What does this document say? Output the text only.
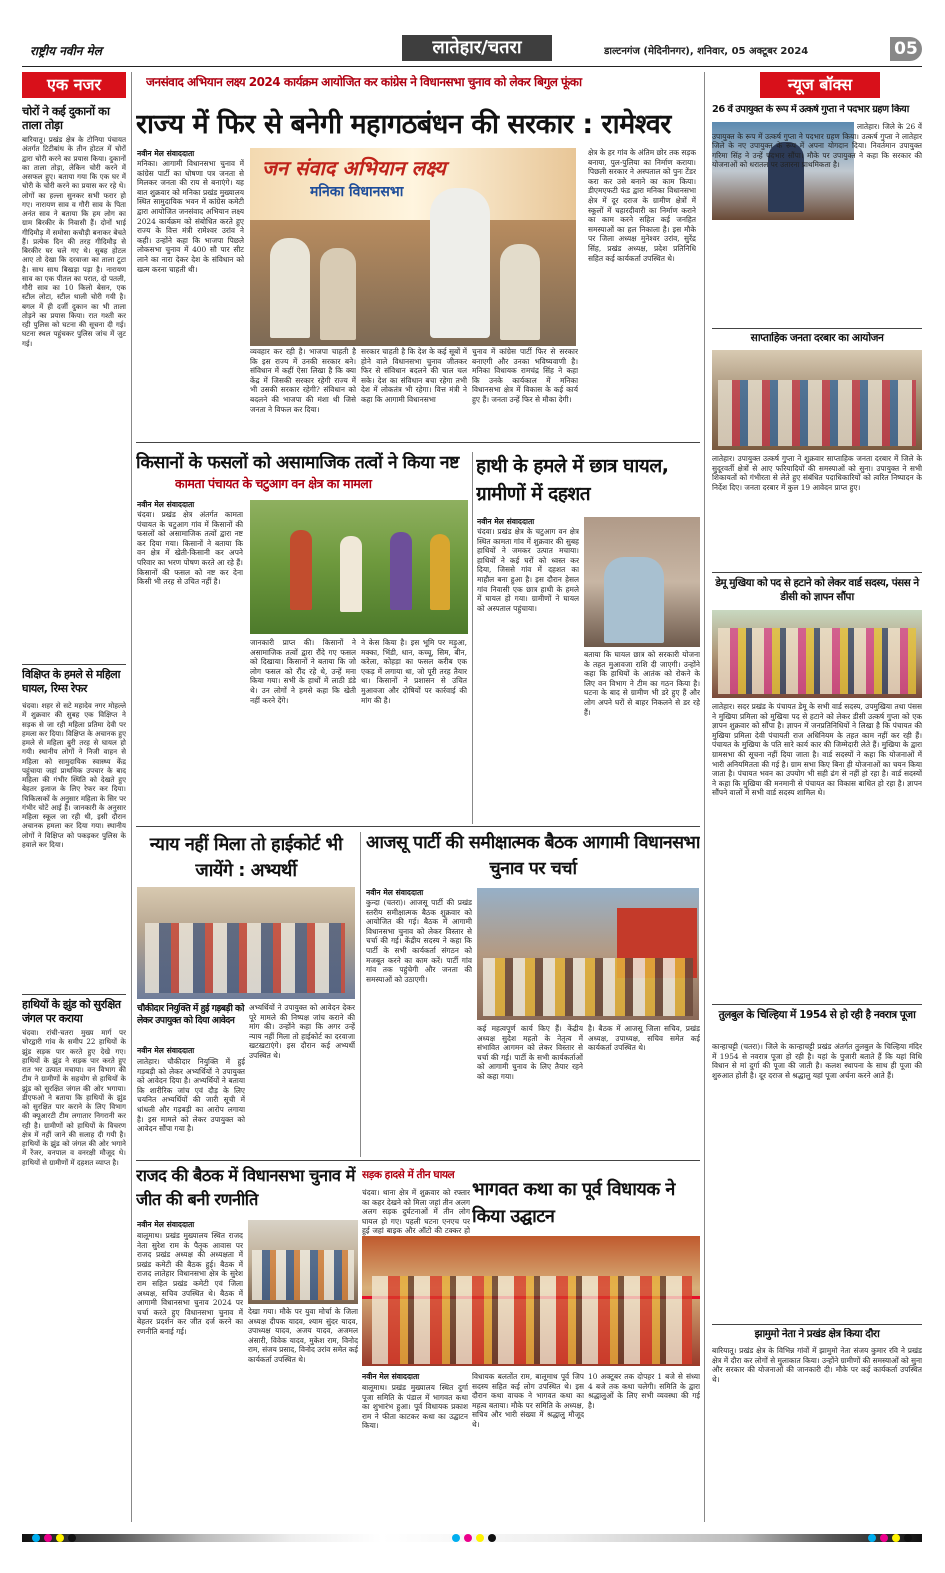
राष्ट्रीय नवीन मेल	लातेहार/चतरा	डाल्टनगंज (मेदिनीनगर), शनिवार, 05 अक्टूबर 2024	05
एक नजर
चोरों ने कई दुकानों का ताला तोड़ा
बारियातू। प्रखंड क्षेत्र के टोनिया पंचायत अंतर्गत टिटीबांध के तीन होटल में चोरों द्वारा चोरी करने का प्रयास किया। दुकानों का ताला तोड़ा, लेकिन चोरी करने में असफल हुए। बताया गया कि एक घर में चोरी के चोरी करने का प्रयास कर रहे थे। लोगों का हल्ला सुनकर सभी फरार हो गए। नारायण साव व गौरी साव के पिता अनंत साव ने बताया कि हम लोग का ग्राम बिरकीर के निवासी हैं। दोनों भाई गीदिमौड़ में समोसा कचौड़ी बनाकर बेचते हैं। प्रत्येक दिन की तरह गीदिमौड़ से बिरकीर घर चले गए थे। सुबह होटल आए तो देखा कि दरवाजा का ताला टूटा है। साथ साथ बिखड़ा पड़ा है। नारायण साव का एक पीतल का परात, दो पतली, गौरी साव का 10 किलो बेसन, एक स्टील लोटा, स्टील थाली चोरी गयी है। बगल में ही दर्जी दुकान का भी ताला तोड़ने का प्रयास किया। रात गश्ती कर रही पुलिस को घटना की सूचना दी गई। घटना स्थल पहुंचकर पुलिस जांच में जुट गई।
विक्षिप्त के हमले से महिला घायल, रिम्स रेफर
चंदवा। शहर से सटे महादेव नगर मोहल्ले में शुक्रवार की सुबह एक विक्षिप्त ने सड़क से जा रही महिला प्रतिमा देवी पर हमला कर दिया। विक्षिप्त के अचानक हुए हमले से महिला बुरी तरह से घायल हो गयी। स्थानीय लोगों ने निजी वाहन से महिला को सामुदायिक स्वास्थ्य केंद्र पहुंचाया जहां प्राथमिक उपचार के बाद महिला की गंभीर स्थिति को देखते हुए बेहतर इलाज के लिए रेफर कर दिया। चिकित्सकों के अनुसार महिला के सिर पर गंभीर चोटें आई हैं। जानकारी के अनुसार महिला स्कूल जा रही थी, इसी दौरान अचानक हमला कर दिया गया। स्थानीय लोगों ने विक्षिप्त को पकड़कर पुलिस के हवाले कर दिया।
हाथियों के झुंड को सुरक्षित जंगल पर कराया
चंदवा। रांची-चतरा मुख्य मार्ग पर चोरद्वारी गांव के समीप 22 हाथियों के झुंड सड़क पार करते हुए देखे गए। हाथियों के झुंड ने सड़क पार करते हुए रात भर उत्पात मचाया। वन विभाग की टीम ने ग्रामीणों के सहयोग से हाथियों के झुंड को सुरक्षित जंगल की ओर भगाया। डीएफओ ने बताया कि हाथियों के झुंड को सुरक्षित पार कराने के लिए विभाग की क्यूआरटी टीम लगातार निगरानी कर रही है। ग्रामीणों को हाथियों के विचरण क्षेत्र में नहीं जाने की सलाह दी गयी है। हाथियों के झुंड को जंगल की ओर भगाने में रेंजर, वनपाल व वनरक्षी मौजूद थे। हाथियों से ग्रामीणों में दहशत व्याप्त है।
जनसंवाद अभियान लक्ष्य 2024 कार्यक्रम आयोजित कर कांग्रेस ने विधानसभा चुनाव को लेकर बिगुल फूंका
राज्य में फिर से बनेगी महागठबंधन की सरकार : रामेश्वर
नवीन मेल संवाददाता
मनिका। आगामी विधानसभा चुनाव में कांग्रेस पार्टी का घोषणा पत्र जनता से मिलकर जनता की राय से बनाएंगे। यह बात शुक्रवार को मनिका प्रखंड मुख्यालय स्थित सामुदायिक भवन में कांग्रेस कमेटी द्वारा आयोजित जनसंवाद अभियान लक्ष्य 2024 कार्यक्रम को संबोधित करते हुए राज्य के वित्त मंत्री रामेश्वर उरांव ने कही। उन्होंने कहा कि भाजपा पिछले लोकसभा चुनाव में 400 सौ पार सीट लाने का नारा देकर देश के संविधान को खत्म करना चाहती थी।
जन संवाद अभियान लक्ष्य
मनिका विधानसभा
व्यवहार कर रही है। भाजपा चाहती है कि इस राज्य में उनकी सरकार बने। संविधान में कहीं ऐसा लिखा है कि क्या केंद्र में जिसकी सरकार रहेगी राज्य में भी उसकी सरकार रहेगी? संविधान को बदलने की भाजपा की मंशा थी जिसे जनता ने विफल कर दिया।
सरकार चाहती है कि देश के कई सूबों में होने वाले विधानसभा चुनाव जीतकर फिर से संविधान बदलने की चाल चल सके। देश का संविधान बचा रहेगा तभी देश में लोकतंत्र भी रहेगा। वित्त मंत्री ने कहा कि आगामी विधानसभा
चुनाव में कांग्रेस पार्टी फिर से सरकार बनाएगी और उनका भविष्यवाणी है। मनिका विधायक रामचंद्र सिंह ने कहा कि उनके कार्यकाल में मनिका विधानसभा क्षेत्र में विकास के कई कार्य हुए हैं। जनता उन्हें फिर से मौका देगी।
क्षेत्र के हर गांव के अंतिम छोर तक सड़क बनाया, पुल-पुलिया का निर्माण कराया। पिछली सरकार ने अस्पताल को पुनः टेंडर करा कर उसे बनाने का काम किया। डीएमएफटी फंड द्वारा मनिका विधानसभा क्षेत्र में दूर दराज के ग्रामीण क्षेत्रों में स्कूलों में चहारदीवारी का निर्माण कराने का काम करने सहित कई जनहित समस्याओं का हल निकाला है। इस मौके पर जिला अध्यक्ष मुनेश्वर उरांव, सुरेंद्र सिंह, प्रखंड अध्यक्ष, प्रदेश प्रतिनिधि सहित कई कार्यकर्ता उपस्थित थे।
किसानों के फसलों को असामाजिक तत्वों ने किया नष्ट
कामता पंचायत के चटुआग वन क्षेत्र का मामला
नवीन मेल संवाददाता
चंदवा। प्रखंड क्षेत्र अंतर्गत कामता पंचायत के चटुआग गांव में किसानों की फसलों को असामाजिक तत्वों द्वारा नष्ट कर दिया गया। किसानों ने बताया कि वन क्षेत्र में खेती-किसानी कर अपने परिवार का भरण पोषण करते आ रहे हैं। किसानों की फसल को नष्ट कर देना किसी भी तरह से उचित नहीं है।
जानकारी प्राप्त की। किसानों ने असामाजिक तत्वों द्वारा रौंदे गए फसल को दिखाया। किसानों ने बताया कि जो लोग फसल को रौंद रहे थे, उन्हें मना किया गया। सभी के हाथों में लाठी डंडे थे। उन लोगों ने हमसे कहा कि खेती नहीं करने देंगे।
ने केस किया है। इस भूमि पर मड़ुआ, मक्का, भिंडी, धान, कच्चू, सिम, बीन, करेला, कोहड़ा का फसल करीब एक एकड़ में लगाया था, जो पूरी तरह तैयार था। किसानों ने प्रशासन से उचित मुआवजा और दोषियों पर कार्रवाई की मांग की है।
हाथी के हमले में छात्र घायल, ग्रामीणों में दहशत
नवीन मेल संवाददाता
चंदवा। प्रखंड क्षेत्र के चटुआग वन क्षेत्र स्थित कामता गांव में शुक्रवार की सुबह हाथियों ने जमकर उत्पात मचाया। हाथियों ने कई घरों को ध्वस्त कर दिया, जिससे गांव में दहशत का माहौल बना हुआ है। इस दौरान हेसल गांव निवासी एक छात्र हाथी के हमले में घायल हो गया। ग्रामीणों ने घायल को अस्पताल पहुंचाया।
बताया कि घायल छात्र को सरकारी योजना के तहत मुआवजा राशि दी जाएगी। उन्होंने कहा कि हाथियों के आतंक को रोकने के लिए वन विभाग ने टीम का गठन किया है। घटना के बाद से ग्रामीण भी डरे हुए हैं और लोग अपने घरों से बाहर निकलने से डर रहे हैं।
न्याय नहीं मिला तो हाईकोर्ट भी जायेंगे : अभ्यर्थी
चौकीदार नियुक्ति में हुई गड़बड़ी को लेकर उपायुक्त को दिया आवेदन
नवीन मेल संवाददाता
लातेहार। चौकीदार नियुक्ति में हुई गड़बड़ी को लेकर अभ्यर्थियों ने उपायुक्त को आवेदन दिया है। अभ्यर्थियों ने बताया कि शारीरिक जांच एवं दौड़ के लिए चयनित अभ्यर्थियों की जारी सूची में धांधली और गड़बड़ी का आरोप लगाया है। इस मामले को लेकर उपायुक्त को आवेदन सौंपा गया है।
अभ्यर्थियों ने उपायुक्त को आवेदन देकर पूरे मामले की निष्पक्ष जांच कराने की मांग की। उन्होंने कहा कि अगर उन्हें न्याय नहीं मिला तो हाईकोर्ट का दरवाजा खटखटाएंगे। इस दौरान कई अभ्यर्थी उपस्थित थे।
आजसू पार्टी की समीक्षात्मक बैठक आगामी विधानसभा चुनाव पर चर्चा
नवीन मेल संवाददाता
कुन्दा (चतरा)। आजसू पार्टी की प्रखंड स्तरीय समीक्षात्मक बैठक शुक्रवार को आयोजित की गई। बैठक में आगामी विधानसभा चुनाव को लेकर विस्तार से चर्चा की गई। केंद्रीय सदस्य ने कहा कि पार्टी के सभी कार्यकर्ता संगठन को मजबूत करने का काम करें। पार्टी गांव गांव तक पहुंचेगी और जनता की समस्याओं को उठाएगी।
कई महत्वपूर्ण कार्य किए हैं। केंद्रीय अध्यक्ष सुदेश महतो के नेतृत्व में संभावित आगमन को लेकर विस्तार से चर्चा की गई। पार्टी के सभी कार्यकर्ताओं को आगामी चुनाव के लिए तैयार रहने को कहा गया।
है। बैठक में आजसू जिला सचिव, प्रखंड अध्यक्ष, उपाध्यक्ष, सचिव समेत कई कार्यकर्ता उपस्थित थे।
राजद की बैठक में विधानसभा चुनाव में जीत की बनी रणनीति
नवीन मेल संवाददाता
बालूमाथ। प्रखंड मुख्यालय स्थित राजद नेता सुरेश राम के पैतृक आवास पर राजद प्रखंड अध्यक्ष की अध्यक्षता में प्रखंड कमेटी की बैठक हुई। बैठक में राजद लातेहार विधानसभा क्षेत्र के सुरेश राम सहित प्रखंड कमेटी एवं जिला अध्यक्ष, सचिव उपस्थित थे। बैठक में आगामी विधानसभा चुनाव 2024 पर चर्चा करते हुए विधानसभा चुनाव में बेहतर प्रदर्शन कर जीत दर्ज करने का रणनीति बनाई गई।
देखा गया। मौके पर युवा मोर्चा के जिला अध्यक्ष दीपक यादव, श्याम सुंदर यादव, उपाध्यक्ष यादव, अजय यादव, अजमल अंसारी, विवेक यादव, मुकेश राम, विनोद राम, संजय प्रसाद, विनोद उरांव समेत कई कार्यकर्ता उपस्थित थे।
सड़क हादसे में तीन घायल
चंदवा। थाना क्षेत्र में शुक्रवार को रफ्तार का कहर देखने को मिला जहां तीन अलग अलग सड़क दुर्घटनाओं में तीन लोग घायल हो गए। पहली घटना एनएच पर हुई जहां बाइक और ऑटो की टक्कर हो
भागवत कथा का पूर्व विधायक ने किया उद्घाटन
नवीन मेल संवाददाता
बालूमाथ। प्रखंड मुख्यालय स्थित दुर्गा पूजा समिति के पंडाल में भागवत कथा का शुभारंभ हुआ। पूर्व विधायक प्रकाश राम ने फीता काटकर कथा का उद्घाटन किया।
विधायक बलतोंत राम, बालूमाथ पूर्व जिप सदस्य सहित कई लोग उपस्थित थे। इस दौरान कथा वाचक ने भागवत कथा का महत्व बताया। मौके पर समिति के अध्यक्ष, सचिव और भारी संख्या में श्रद्धालु मौजूद थे।
10 अक्टूबर तक दोपहर 1 बजे से संध्या 4 बजे तक कथा चलेगी। समिति के द्वारा श्रद्धालुओं के लिए सभी व्यवस्था की गई है।
न्यूज बॉक्स
26 वें उपायुक्त के रूप में उत्कर्ष गुप्ता ने पदभार ग्रहण किया
लातेहार। जिले के 26 वें उपायुक्त के रूप में उत्कर्ष गुप्ता ने पदभार ग्रहण किया। उत्कर्ष गुप्ता ने लातेहार जिले के नए उपायुक्त के रूप में अपना योगदान दिया। निवर्तमान उपायुक्त गरिमा सिंह ने उन्हें पदभार सौंपा। मौके पर उपायुक्त ने कहा कि सरकार की योजनाओं को धरातल पर उतारना प्राथमिकता है।
साप्ताहिक जनता दरबार का आयोजन
लातेहार। उपायुक्त उत्कर्ष गुप्ता ने शुक्रवार साप्ताहिक जनता दरबार में जिले के सुदूरवर्ती क्षेत्रों से आए फरियादियों की समस्याओं को सुना। उपायुक्त ने सभी शिकायतों को गंभीरता से लेते हुए संबंधित पदाधिकारियों को त्वरित निष्पादन के निर्देश दिए। जनता दरबार में कुल 19 आवेदन प्राप्त हुए।
डेमू मुखिया को पद से हटाने को लेकर वार्ड सदस्य, पंसस ने डीसी को ज्ञापन सौंपा
लातेहार। सदर प्रखंड के पंचायत डेमू के सभी वार्ड सदस्य, उपमुखिया तथा पंसस ने मुखिया प्रमिला को मुखिया पद से हटाने को लेकर डीसी उत्कर्ष गुप्ता को एक ज्ञापन शुक्रवार को सौंपा है। ज्ञापन में जनप्रतिनिधियों ने लिखा है कि पंचायत की मुखिया प्रमिला देवी पंचायती राज अधिनियम के तहत काम नहीं कर रही हैं। पंचायत के मुखिया के पति सारे कार्य कार की जिम्मेदारी लेते हैं। मुखिया के द्वारा ग्रामसभा की सूचना नहीं दिया जाता है। वार्ड सदस्यों ने कहा कि योजनाओं में भारी अनियमितता की गई है। ग्राम सभा किए बिना ही योजनाओं का चयन किया जाता है। पंचायत भवन का उपयोग भी सही ढंग से नहीं हो रहा है। वार्ड सदस्यों ने कहा कि मुखिया की मनमानी से पंचायत का विकास बाधित हो रहा है। ज्ञापन सौंपने वालों में सभी वार्ड सदस्य शामिल थे।
तुलबुल के चिल्हिया में 1954 से हो रही है नवरात्र पूजा
कान्हाचट्टी (चतरा)। जिले के कान्हाचट्टी प्रखंड अंतर्गत तुलबुल के चिल्हिया मंदिर में 1954 से नवरात्र पूजा हो रही है। यहां के पुजारी बताते हैं कि यहां विधि विधान से मां दुर्गा की पूजा की जाती है। कलश स्थापना के साथ ही पूजा की शुरुआत होती है। दूर दराज से श्रद्धालु यहां पूजा अर्चना करने आते हैं।
झामुमो नेता ने प्रखंड क्षेत्र किया दौरा
बारियातू। प्रखंड क्षेत्र के विभिन्न गांवों में झामुमो नेता संजय कुमार रवि ने प्रखंड क्षेत्र में दौरा कर लोगों से मुलाकात किया। उन्होंने ग्रामीणों की समस्याओं को सुना और सरकार की योजनाओं की जानकारी दी। मौके पर कई कार्यकर्ता उपस्थित थे।
